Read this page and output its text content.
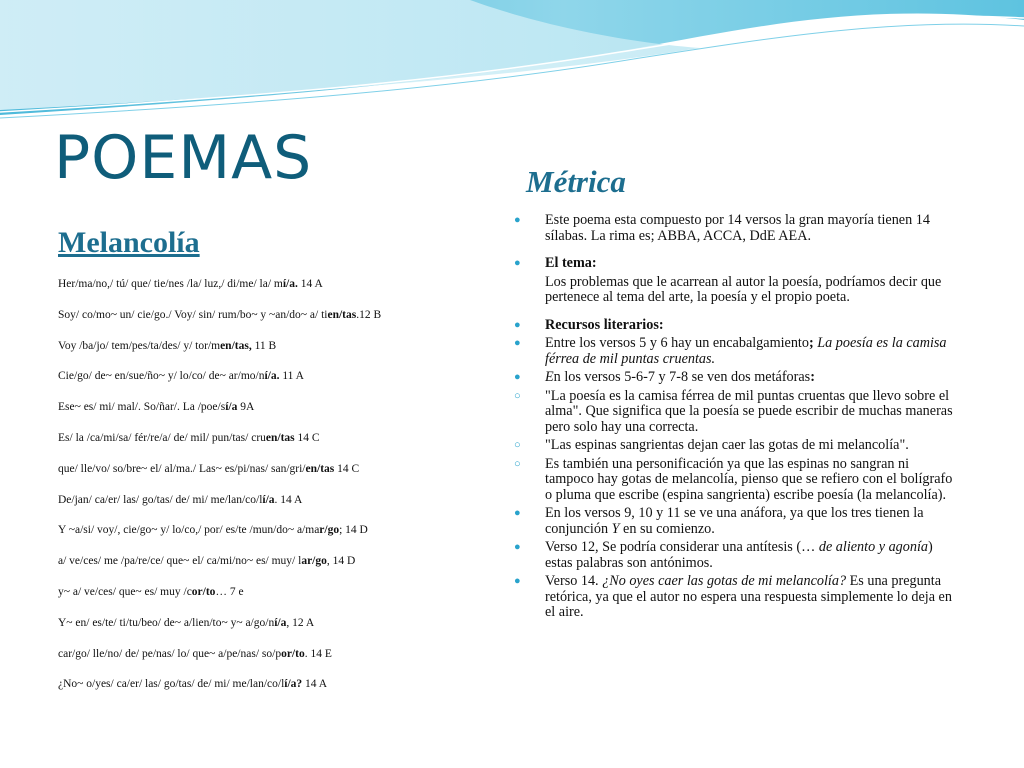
POEMAS	Métrica
Melancolía
Her/ma/no,/ tú/ que/ tie/nes /la/ luz,/ di/me/ la/ mí/a. 14 A
Soy/ co/mo~ un/ cie/go./ Voy/ sin/ rum/bo~ y ~an/do~ a/ tien/tas.12 B
Voy /ba/jo/ tem/pes/ta/des/ y/ tor/men/tas, 11 B
Cie/go/ de~ en/sue/ño~ y/ lo/co/ de~ ar/mo/ní/a. 11 A
Ese~ es/ mi/ mal/. So/ñar/. La /poe/sí/a 9A
Es/ la /ca/mi/sa/ fér/re/a/ de/ mil/ pun/tas/ cruen/tas 14 C
que/ lle/vo/ so/bre~ el/ al/ma./ Las~ es/pi/nas/ san/gri/en/tas 14 C
De/jan/ ca/er/ las/ go/tas/ de/ mi/ me/lan/co/lí/a. 14 A
Y ~a/si/ voy/, cie/go~ y/ lo/co,/ por/ es/te /mun/do~ a/mar/go; 14 D
a/ ve/ces/ me /pa/re/ce/ que~ el/ ca/mi/no~ es/ muy/ lar/go, 14 D
y~ a/ ve/ces/ que~ es/ muy /cor/to… 7 e
Y~ en/ es/te/ ti/tu/beo/ de~ a/lien/to~ y~ a/go/ní/a, 12 A
car/go/ lle/no/ de/ pe/nas/ lo/ que~ a/pe/nas/ so/por/to. 14 E
¿No~ o/yes/ ca/er/ las/ go/tas/ de/ mi/ me/lan/co/lí/a? 14 A
● Este poema esta compuesto por 14 versos la gran mayoría tienen 14 sílabas. La rima es; ABBA, ACCA, DdE AEA.
● El tema:
Los problemas que le acarrean al autor la poesía, podríamos decir que pertenece al tema del arte, la poesía y el propio poeta.
● Recursos literarios:
● Entre los versos 5 y 6 hay un encabalgamiento; La poesía es la camisa férrea de mil puntas cruentas.
● En los versos 5-6-7 y 7-8 se ven dos metáforas:
○ "La poesía es la camisa férrea de mil puntas cruentas que llevo sobre el alma". Que significa que la poesía se puede escribir de muchas maneras pero solo hay una correcta.
○ "Las espinas sangrientas dejan caer las gotas de mi melancolía".
○ Es también una personificación ya que las espinas no sangran ni tampoco hay gotas de melancolía, pienso que se refiero con el bolígrafo o pluma que escribe (espina sangrienta) escribe poesía (la melancolía).
● En los versos 9, 10 y 11 se ve una anáfora, ya que los tres tienen la conjunción Y en su comienzo.
● Verso 12, Se podría considerar una antítesis (… de aliento y agonía) estas palabras son antónimos.
● Verso 14. ¿No oyes caer las gotas de mi melancolía? Es una pregunta retórica, ya que el autor no espera una respuesta simplemente lo deja en el aire.
